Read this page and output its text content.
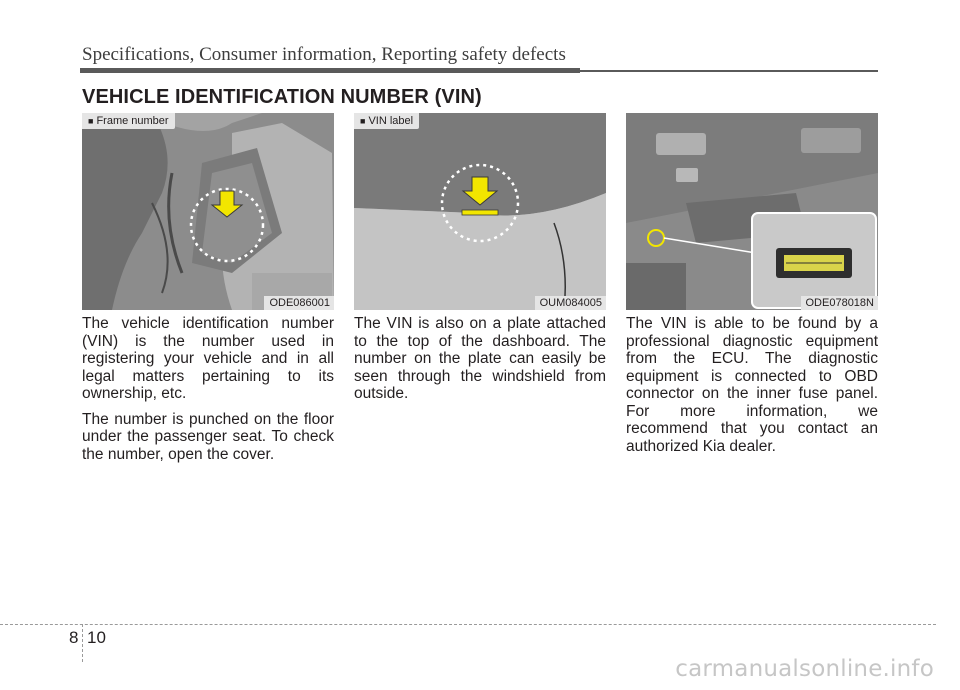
Specifications, Consumer information, Reporting safety defects
VEHICLE IDENTIFICATION NUMBER (VIN)
■ Frame number
ODE086001
■ VIN label
OUM084005	ODE078018N

The vehicle identification number (VIN) is the number used in registering your vehicle and in all legal matters pertaining to its ownership, etc.

The number is punched on the floor under the passenger seat. To check the number, open the cover.

The VIN is also on a plate attached to the top of the dashboard. The number on the plate can easily be seen through the windshield from outside.

The VIN is able to be found by a professional diagnostic equipment from the ECU. The diagnostic equipment is connected to OBD connector on the inner fuse panel. For more information, we recommend that you contact an authorized Kia dealer.

8 10
carmanualsonline.info
